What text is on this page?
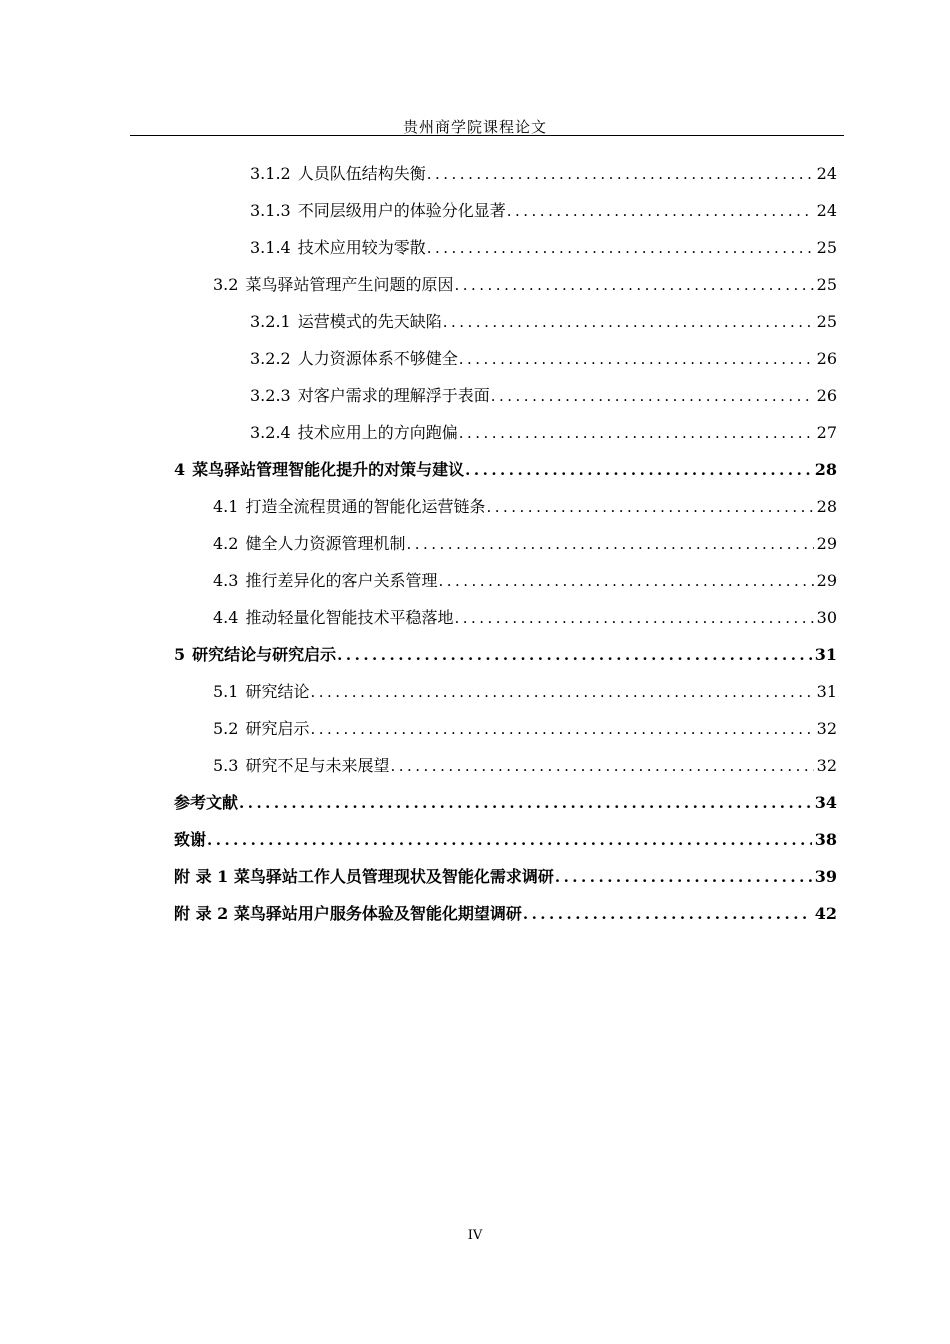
贵州商学院课程论文
3.1.2 人员队伍结构失衡 .....	24
3.1.3 不同层级用户的体验分化显著 .....	24
3.1.4 技术应用较为零散 .....	25
3.2 菜鸟驿站管理产生问题的原因 .....	25
3.2.1 运营模式的先天缺陷 .....	25
3.2.2 人力资源体系不够健全 .....	26
3.2.3 对客户需求的理解浮于表面 .....	26
3.2.4 技术应用上的方向跑偏 .....	27
4 菜鸟驿站管理智能化提升的对策与建议 .....	28
4.1 打造全流程贯通的智能化运营链条 .....	28
4.2 健全人力资源管理机制 .....	29
4.3 推行差异化的客户关系管理 .....	29
4.4 推动轻量化智能技术平稳落地 .....	30
5 研究结论与研究启示 .....	31
5.1 研究结论 .....	31
5.2 研究启示 .....	32
5.3 研究不足与未来展望 .....	32
参考文献 .....	34
致谢 .....	38
附 录 1 菜鸟驿站工作人员管理现状及智能化需求调研 .....	39
附 录 2 菜鸟驿站用户服务体验及智能化期望调研 .....	42
IV
